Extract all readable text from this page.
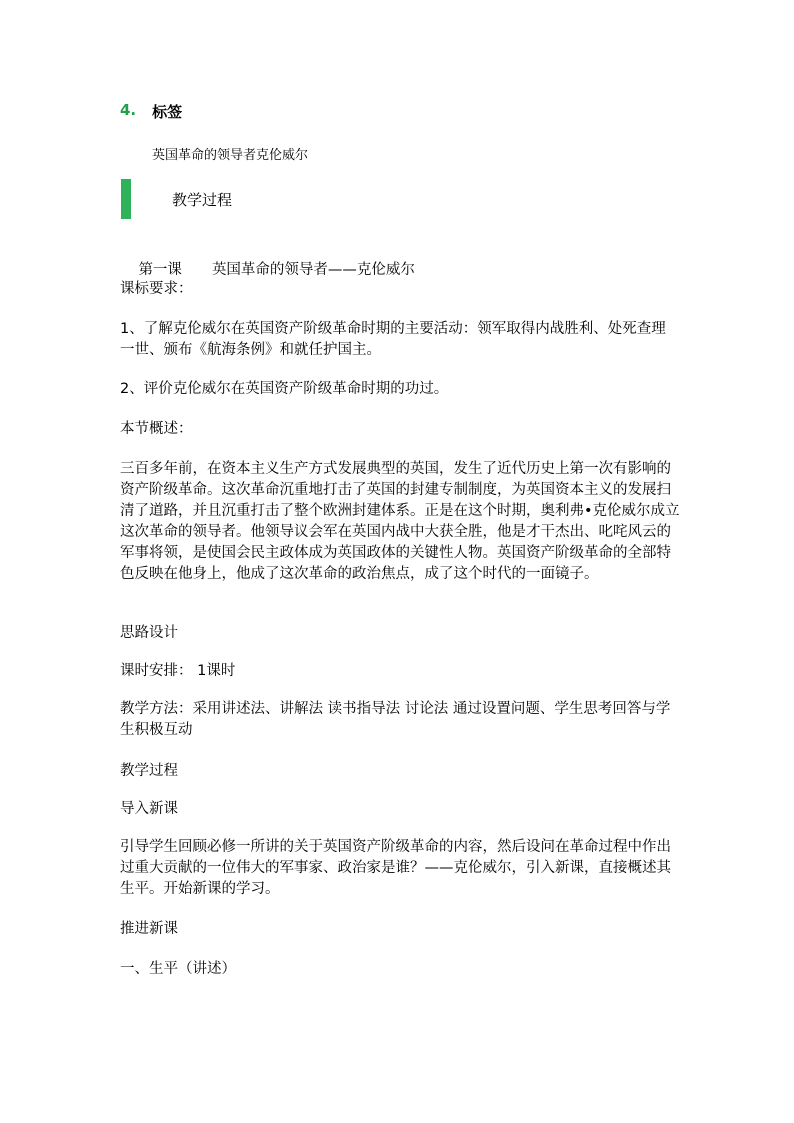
4. 标签
英国革命的领导者克伦威尔
教学过程

第一课 英国革命的领导者——克伦威尔

课标要求：
1、了解克伦威尔在英国资产阶级革命时期的主要活动：领军取得内战胜利、处死查理一世、颁布《航海条例》和就任护国主。
2、评价克伦威尔在英国资产阶级革命时期的功过。
本节概述：
三百多年前，在资本主义生产方式发展典型的英国，发生了近代历史上第一次有影响的资产阶级革命。这次革命沉重地打击了英国的封建专制制度，为英国资本主义的发展扫清了道路，并且沉重打击了整个欧洲封建体系。正是在这个时期，奥利弗•克伦威尔成立这次革命的领导者。他领导议会军在英国内战中大获全胜，他是才干杰出、叱咤风云的军事将领，是使国会民主政体成为英国政体的关键性人物。英国资产阶级革命的全部特色反映在他身上，他成了这次革命的政治焦点，成了这个时代的一面镜子。
思路设计
课时安排： 1课时
教学方法：采用讲述法、讲解法 读书指导法 讨论法 通过设置问题、学生思考回答与学生积极互动
教学过程
导入新课
引导学生回顾必修一所讲的关于英国资产阶级革命的内容，然后设问在革命过程中作出过重大贡献的一位伟大的军事家、政治家是谁？——克伦威尔，引入新课，直接概述其生平。开始新课的学习。
推进新课
一、生平（讲述）
